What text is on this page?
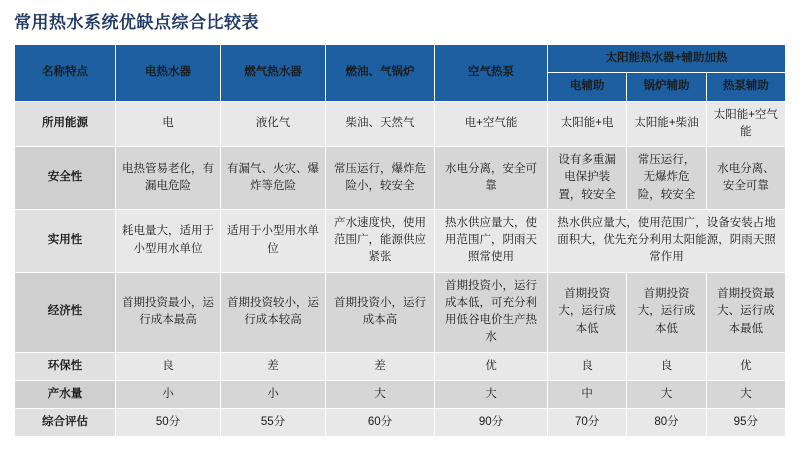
常用热水系统优缺点综合比较表
名称特点	电热水器	燃气热水器	燃油、气锅炉	空气热泵	太阳能热水器+辅助加热		
					电辅助	锅炉辅助	热泵辅助
所用能源	电	液化气	柴油、天然气	电+空气能	太阳能+电	太阳能+柴油	太阳能+空气能
安全性	电热管易老化，有漏电危险	有漏气、火灾、爆炸等危险	常压运行，爆炸危险小，较安全	水电分离，安全可靠	设有多重漏电保护装置，较安全	常压运行，无爆炸危险，较安全	水电分离、安全可靠
实用性	耗电量大，适用于小型用水单位	适用于小型用水单位	产水速度快，使用范围广，能源供应紧张	热水供应量大，使用范围广，阴雨天照常使用	热水供应量大，使用范围广，设备安装占地面积大，优先充分利用太阳能源，阴雨天照常作用		
经济性	首期投资最小，运行成本最高	首期投资较小，运行成本较高	首期投资小，运行成本高	首期投资小，运行成本低，可充分利用低谷电价生产热水	首期投资大，运行成本低	首期投资大，运行成本低	首期投资最大、运行成本最低
环保性	良	差	差	优	良	良	优
产水量	小	小	大	大	中	大	大
综合评估	50分	55分	60分	90分	70分	80分	95分
